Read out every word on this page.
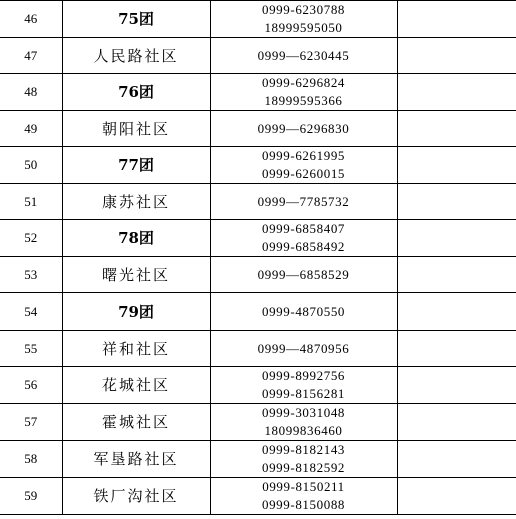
46	75团	0999-6230788
18999595050	

47	人民路社区	0999—6230445	

48	76团	0999-6296824
18999595366	

49	朝阳社区	0999—6296830	

50	77团	0999-6261995
0999-6260015	

51	康苏社区	0999—7785732	

52	78团	0999-6858407
0999-6858492	

53	曙光社区	0999—6858529	

54	79团	0999-4870550	

55	祥和社区	0999—4870956	

56	花城社区	0999-8992756
0999-8156281	

57	霍城社区	0999-3031048
18099836460	

58	军垦路社区	0999-8182143
0999-8182592	

59	铁厂沟社区	0999-8150211
0999-8150088	
